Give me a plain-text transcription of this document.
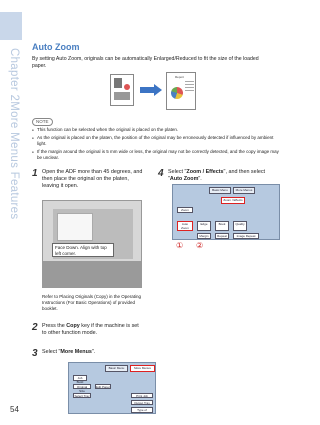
Chapter 2More Menus Features
54
Auto Zoom
By setting Auto Zoom, originals can be automatically Enlarged/Reduced to fit the size of the loaded paper.
Report
NOTE
● This function can be selected when the original is placed on the platen.
● As the original is placed on the platen, the position of the original may be erroneously detected if influenced by ambient light.
● If the margin around the original is 5 mm wide or less, the original may not be correctly detected, and the copy image may be unclear.
1 Open the ADF more than 45 degrees, and then place the original on the platen, leaving it open.
Face Down. Align with top left corner.
Refer to Placing Originals (Copy) in the Operating Instructions (For Basic Operations) of provided booklet.
2 Press the Copy key if the machine is set to other function mode.
3 Select "More Menus".
Basic Menu	More Menus
Job Build
Original Size
Edit Paper
Select Tray	Print Job
Output Tray
Type of Originals
4 Select "Zoom / Effects", and then select "Auto Zoom".
Basic Menu	More Menus
Zoom / Effects
Zoom
Auto Zoom
Edge	Book	Quality
Margin	Repeat	Image Repeat
① ②
